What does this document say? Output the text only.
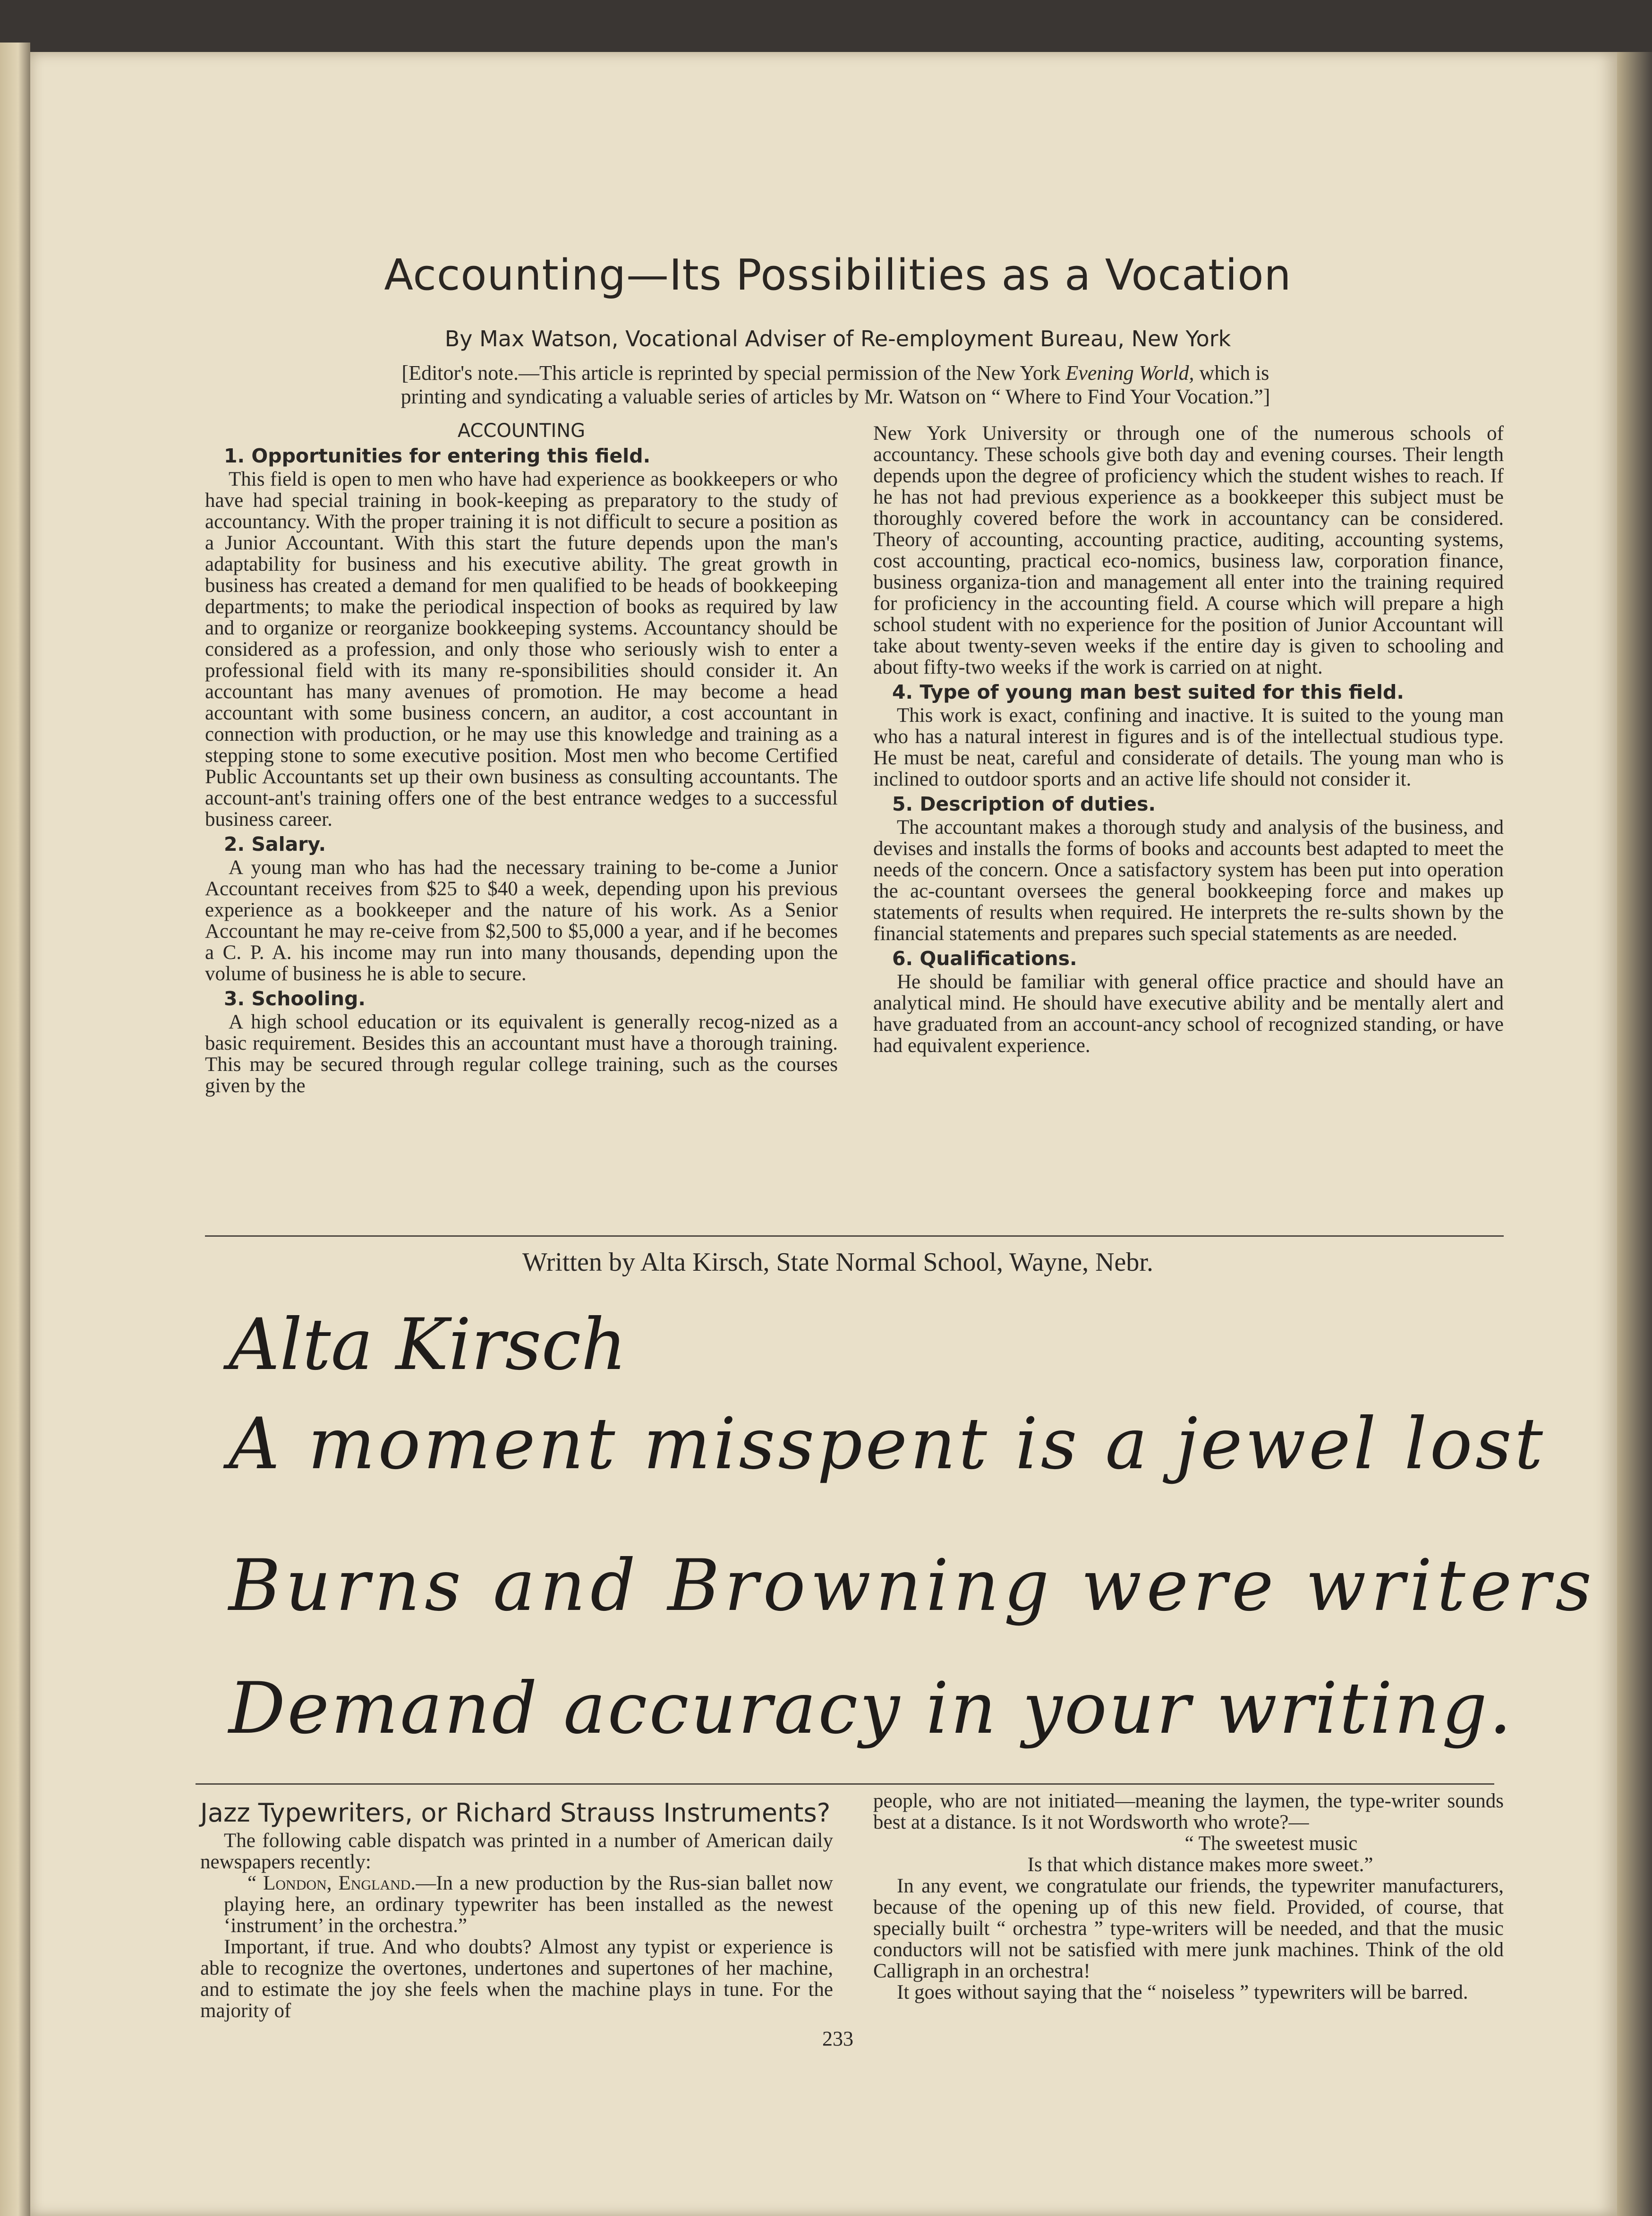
Accounting—Its Possibilities as a Vocation
By Max Watson, Vocational Adviser of Re-employment Bureau, New York
[Editor's note.—This article is reprinted by special permission of the New York Evening World, which is
printing and syndicating a valuable series of articles by Mr. Watson on “ Where to Find Your Vocation.”]
ACCOUNTING
1. Opportunities for entering this field.

This field is open to men who have had experience as bookkeepers or who have had special training in book-keeping as preparatory to the study of accountancy. With the proper training it is not difficult to secure a position as a Junior Accountant. With this start the future depends upon the man's adaptability for business and his executive ability. The great growth in business has created a demand for men qualified to be heads of bookkeeping departments; to make the periodical inspection of books as required by law and to organize or reorganize bookkeeping systems. Accountancy should be considered as a profession, and only those who seriously wish to enter a professional field with its many re-sponsibilities should consider it. An accountant has many avenues of promotion. He may become a head accountant with some business concern, an auditor, a cost accountant in connection with production, or he may use this knowledge and training as a stepping stone to some executive position. Most men who become Certified Public Accountants set up their own business as consulting accountants. The account-ant's training offers one of the best entrance wedges to a successful business career.

2. Salary.

A young man who has had the necessary training to be-come a Junior Accountant receives from $25 to $40 a week, depending upon his previous experience as a bookkeeper and the nature of his work. As a Senior Accountant he may re-ceive from $2,500 to $5,000 a year, and if he becomes a C. P. A. his income may run into many thousands, depending upon the volume of business he is able to secure.

3. Schooling.

A high school education or its equivalent is generally recog-nized as a basic requirement. Besides this an accountant must have a thorough training. This may be secured through regular college training, such as the courses given by the

New York University or through one of the numerous schools of accountancy. These schools give both day and evening courses. Their length depends upon the degree of proficiency which the student wishes to reach. If he has not had previous experience as a bookkeeper this subject must be thoroughly covered before the work in accountancy can be considered. Theory of accounting, accounting practice, auditing, accounting systems, cost accounting, practical eco-nomics, business law, corporation finance, business organiza-tion and management all enter into the training required for proficiency in the accounting field. A course which will prepare a high school student with no experience for the position of Junior Accountant will take about twenty-seven weeks if the entire day is given to schooling and about fifty-two weeks if the work is carried on at night.

4. Type of young man best suited for this field.

This work is exact, confining and inactive. It is suited to the young man who has a natural interest in figures and is of the intellectual studious type. He must be neat, careful and considerate of details. The young man who is inclined to outdoor sports and an active life should not consider it.

5. Description of duties.

The accountant makes a thorough study and analysis of the business, and devises and installs the forms of books and accounts best adapted to meet the needs of the concern. Once a satisfactory system has been put into operation the ac-countant oversees the general bookkeeping force and makes up statements of results when required. He interprets the re-sults shown by the financial statements and prepares such special statements as are needed.

6. Qualifications.

He should be familiar with general office practice and should have an analytical mind. He should have executive ability and be mentally alert and have graduated from an account-ancy school of recognized standing, or have had equivalent experience.

Written by Alta Kirsch, State Normal School, Wayne, Nebr.
Alta Kirsch
A moment misspent is a jewel lost
Burns and Browning were writers
Demand accuracy in your writing.
Jazz Typewriters, or Richard Strauss Instruments?

The following cable dispatch was printed in a number of American daily newspapers recently:

“ London, England.—In a new production by the Rus-sian ballet now playing here, an ordinary typewriter has been installed as the newest ‘instrument’ in the orchestra.”

Important, if true. And who doubts? Almost any typist or experience is able to recognize the overtones, undertones and supertones of her machine, and to estimate the joy she feels when the machine plays in tune. For the majority of

people, who are not initiated—meaning the laymen, the type-writer sounds best at a distance. Is it not Wordsworth who wrote?—

“ The sweetest music

Is that which distance makes more sweet.”

In any event, we congratulate our friends, the typewriter manufacturers, because of the opening up of this new field. Provided, of course, that specially built “ orchestra ” type-writers will be needed, and that the music conductors will not be satisfied with mere junk machines. Think of the old Calligraph in an orchestra!

It goes without saying that the “ noiseless ” typewriters will be barred.

233
